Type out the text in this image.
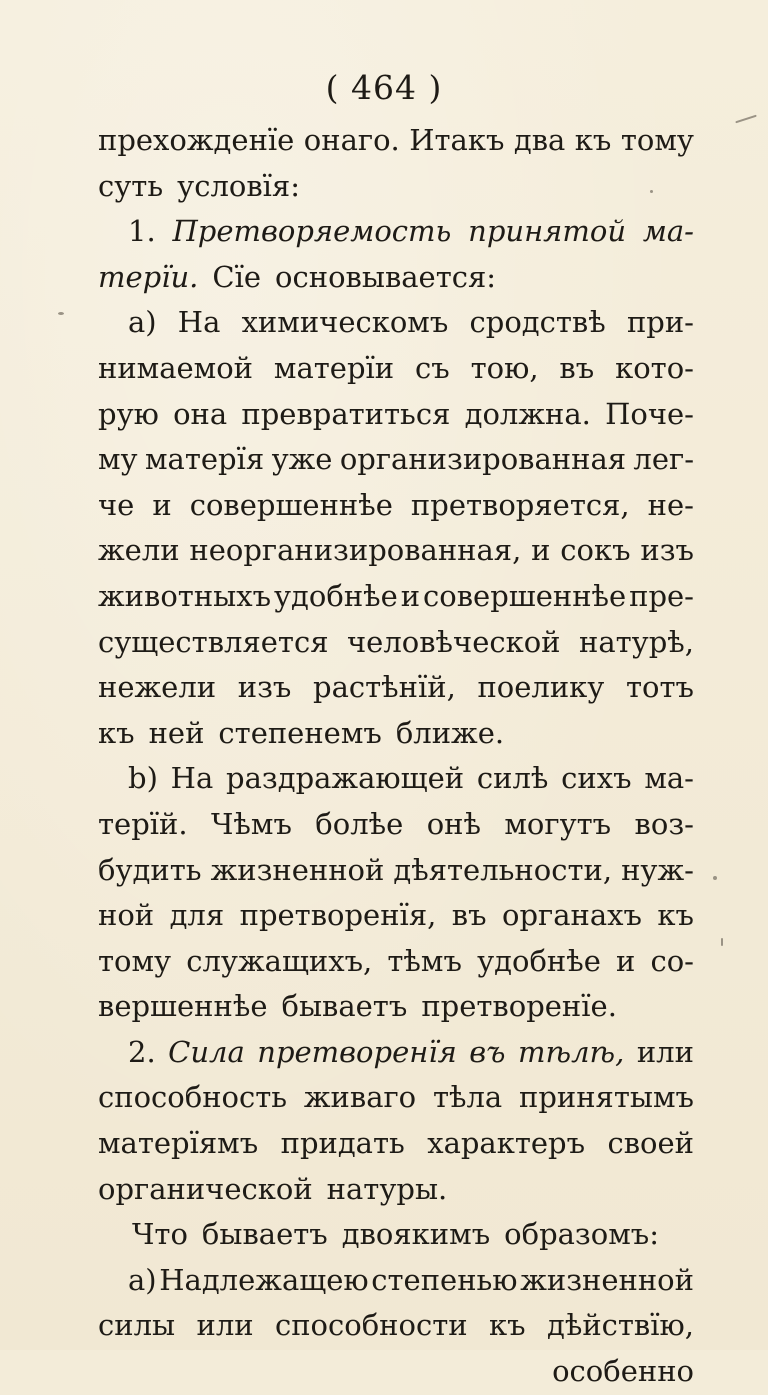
( 464 )
прехожденїе онаго. Итакъ два къ тому
суть условїя:
1. Претворяемость принятой ма-
терїи. Сїе основывается:
а) На химическомъ сродствѣ при-
нимаемой матерїи съ тою, въ кото-
рую она превратиться должна. Поче-
му матерїя уже организированная лег-
че и совершеннѣе претворяется, не-
жели неорганизированная, и сокъ изъ
животныхъ удобнѣе и совершеннѣе пре-
существляется человѣческой натурѣ,
нежели изъ растѣнїй, поелику тотъ
къ ней степенемъ ближе.
b) На раздражающей силѣ сихъ ма-
терїй. Чѣмъ болѣе онѣ могутъ воз-
будить жизненной дѣятельности, нуж-
ной для претворенїя, въ органахъ къ
тому служащихъ, тѣмъ удобнѣе и со-
вершеннѣе бываетъ претворенїе.
2. Сила претворенїя въ тѣлѣ, или
способность живаго тѣла принятымъ
матерїямъ придать характеръ своей
органической натуры.
Что бываетъ двоякимъ образомъ:
а) Надлежащею степенью жизненной
силы или способности къ дѣйствїю,
особенно
